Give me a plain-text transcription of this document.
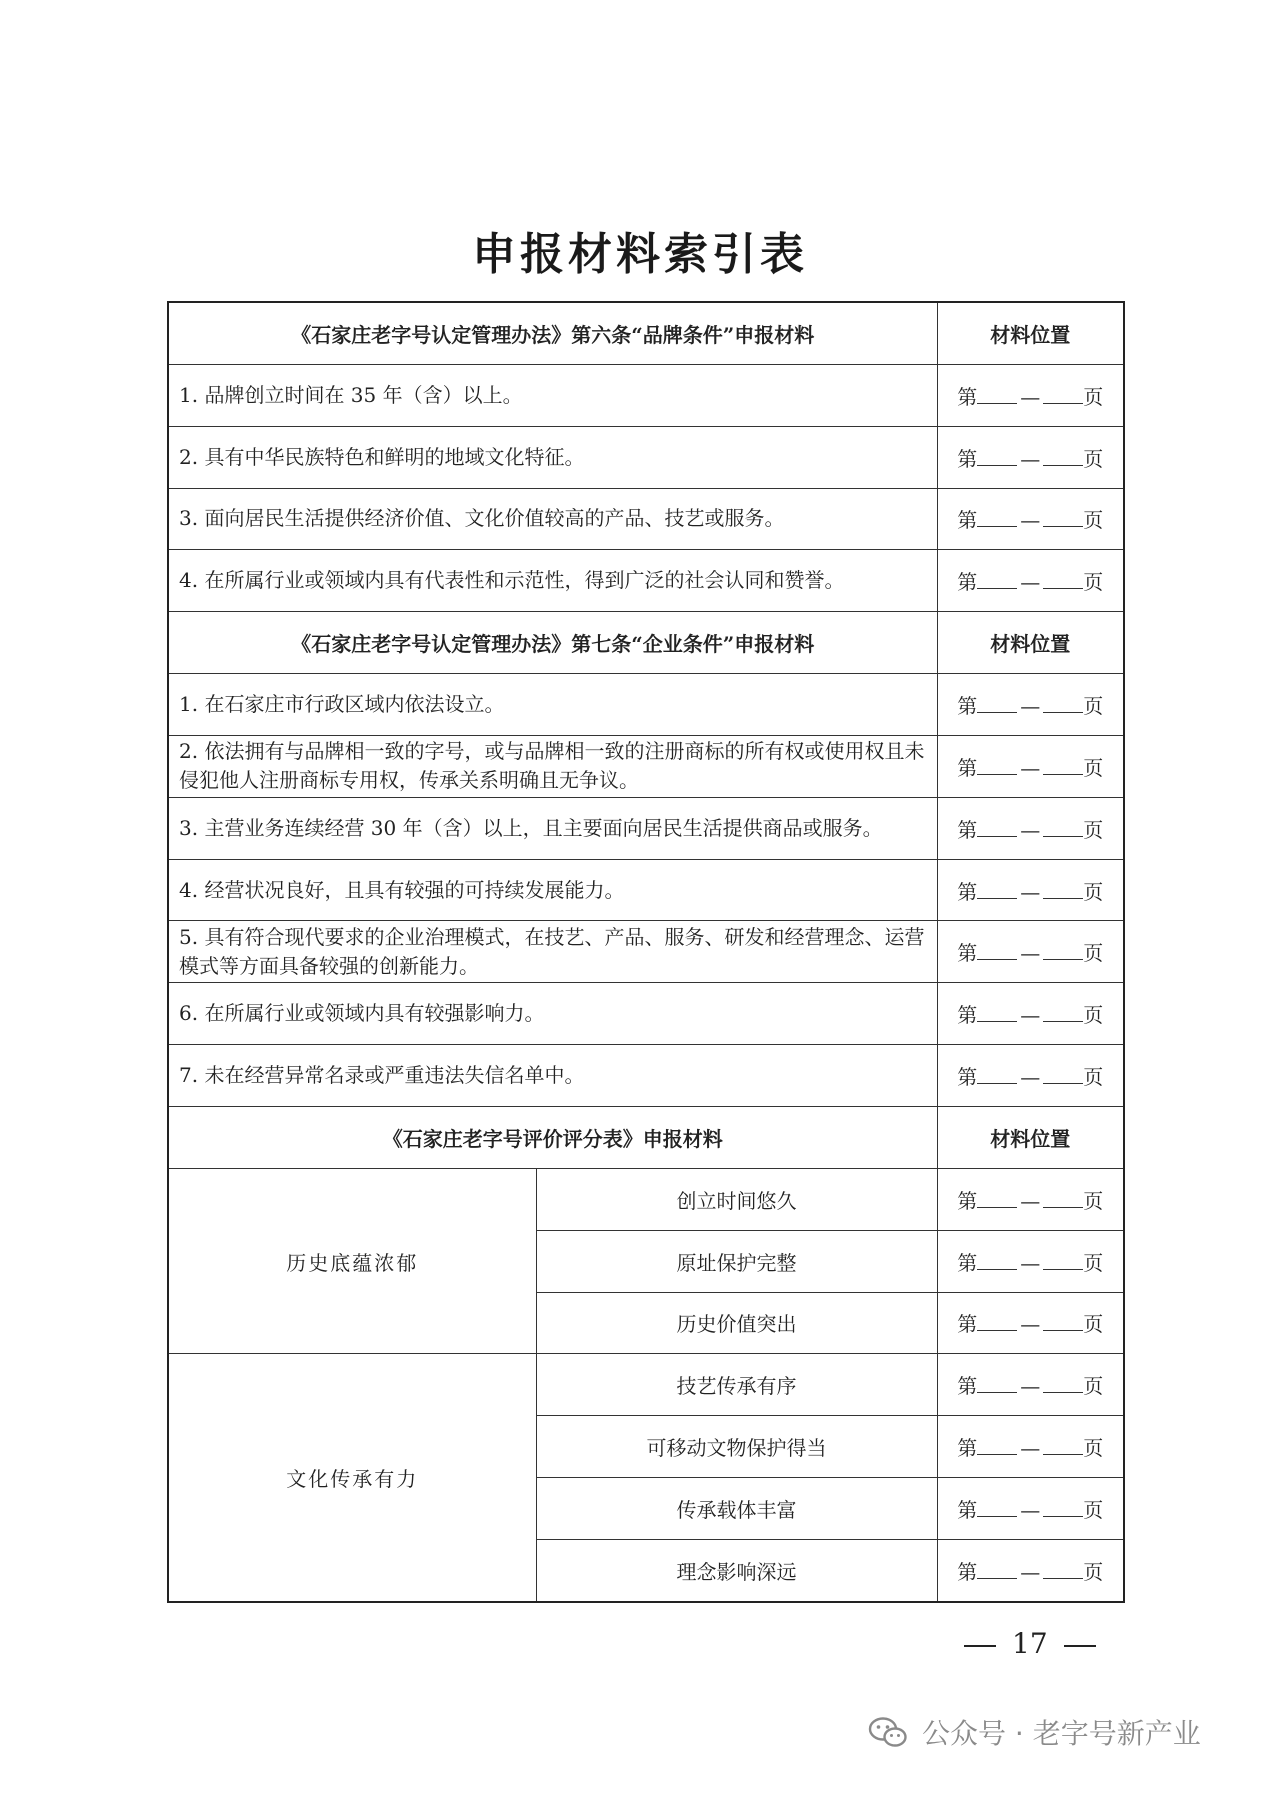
申报材料索引表
《石家庄老字号认定管理办法》第六条“品牌条件”申报材料		材料位置
1. 品牌创立时间在 35 年（含）以上。		第 — 页
2. 具有中华民族特色和鲜明的地域文化特征。		第 — 页
3. 面向居民生活提供经济价值、文化价值较高的产品、技艺或服务。		第 — 页
4. 在所属行业或领域内具有代表性和示范性，得到广泛的社会认同和赞誉。		第 — 页
《石家庄老字号认定管理办法》第七条“企业条件”申报材料		材料位置
1. 在石家庄市行政区域内依法设立。		第 — 页
2. 依法拥有与品牌相一致的字号，或与品牌相一致的注册商标的所有权或使用权且未侵犯他人注册商标专用权，传承关系明确且无争议。		第 — 页
3. 主营业务连续经营 30 年（含）以上，且主要面向居民生活提供商品或服务。		第 — 页
4. 经营状况良好，且具有较强的可持续发展能力。		第 — 页
5. 具有符合现代要求的企业治理模式，在技艺、产品、服务、研发和经营理念、运营模式等方面具备较强的创新能力。		第 — 页
6. 在所属行业或领域内具有较强影响力。		第 — 页
7. 未在经营异常名录或严重违法失信名单中。		第 — 页
《石家庄老字号评价评分表》申报材料		材料位置
历史底蕴浓郁	创立时间悠久	第 — 页
	原址保护完整	第 — 页
	历史价值突出	第 — 页
文化传承有力	技艺传承有序	第 — 页
	可移动文物保护得当	第 — 页
	传承载体丰富	第 — 页
	理念影响深远	第 — 页
17
公众号 · 老字号新产业
